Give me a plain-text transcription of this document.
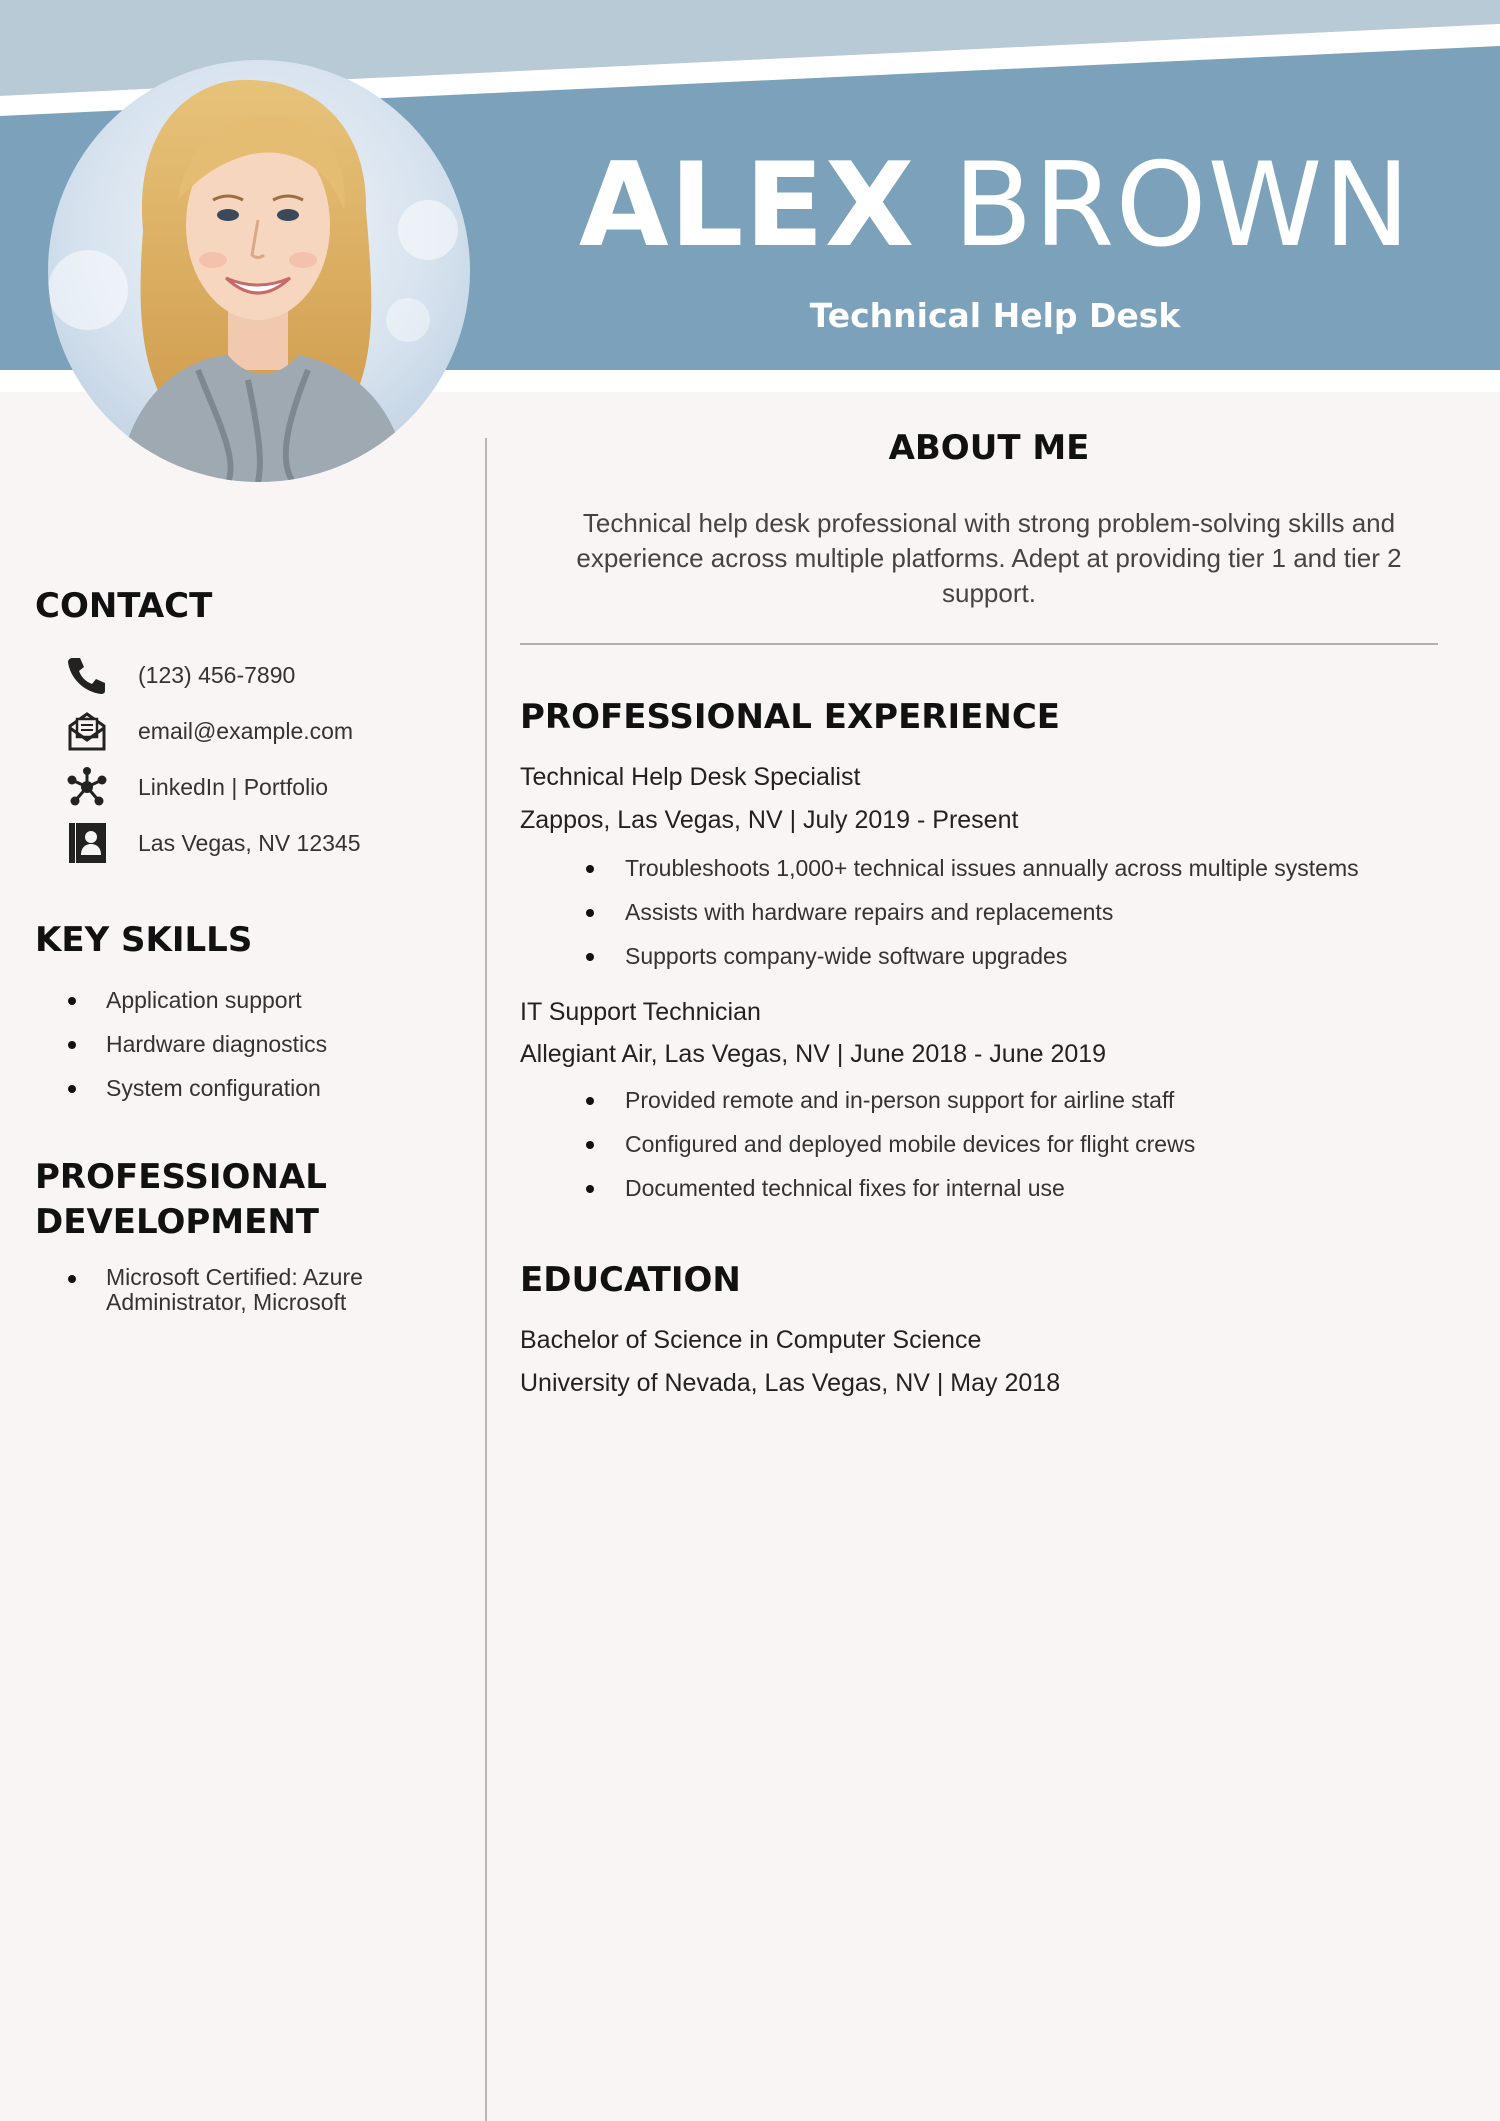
ALEX BROWN
Technical Help Desk
CONTACT
(123) 456-7890
email@example.com
LinkedIn | Portfolio
Las Vegas, NV 12345
KEY SKILLS
Application support
Hardware diagnostics
System configuration
PROFESSIONAL
DEVELOPMENT
Microsoft Certified: Azure Administrator, Microsoft
ABOUT ME
Technical help desk professional with strong problem-solving skills and experience across multiple platforms. Adept at providing tier 1 and tier 2 support.
PROFESSIONAL EXPERIENCE
Technical Help Desk Specialist
Zappos, Las Vegas, NV | July 2019 - Present
Troubleshoots 1,000+ technical issues annually across multiple systems
Assists with hardware repairs and replacements
Supports company-wide software upgrades
IT Support Technician
Allegiant Air, Las Vegas, NV | June 2018 - June 2019
Provided remote and in-person support for airline staff
Configured and deployed mobile devices for flight crews
Documented technical fixes for internal use
EDUCATION
Bachelor of Science in Computer Science
University of Nevada, Las Vegas, NV | May 2018
